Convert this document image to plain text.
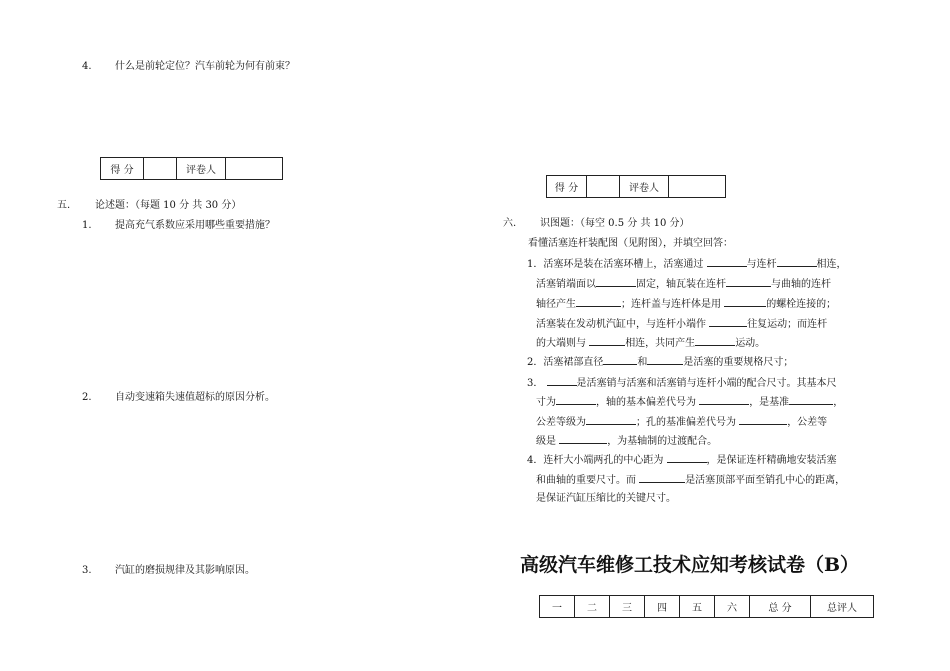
4. 什么是前轮定位？汽车前轮为何有前束？
得 分		评卷人	
五. 论述题：（每题 10 分 共 30 分）
1. 提高充气系数应采用哪些重要措施？
2. 自动变速箱失速值超标的原因分析。
3. 汽缸的磨损规律及其影响原因。
得 分		评卷人	
六. 识图题：（每空 0.5 分 共 10 分）
看懂活塞连杆装配图（见附图），并填空回答：
1．活塞环是装在活塞环槽上，活塞通过	与连杆	相连，
活塞销端面以	固定，轴瓦装在连杆	与曲轴的连杆
轴径产生	；连杆盖与连杆体是用	的螺栓连接的；
活塞装在发动机汽缸中，与连杆小端作	往复运动；而连杆
的大端则与	相连，共同产生	运动。
2．活塞裙部直径	和	是活塞的重要规格尺寸；
3．	是活塞销与活塞和活塞销与连杆小端的配合尺寸。其基本尺
寸为	，轴的基本偏差代号为	，是基准	，
公差等级为	；孔的基准偏差代号为	，公差等
级是	，为基轴制的过渡配合。
4．连杆大小端两孔的中心距为	，是保证连杆精确地安装活塞
和曲轴的重要尺寸。而	是活塞顶部平面至销孔中心的距离，
是保证汽缸压缩比的关键尺寸。
高级汽车维修工技术应知考核试卷（B）
一	二	三	四	五	六	总 分	总评人
